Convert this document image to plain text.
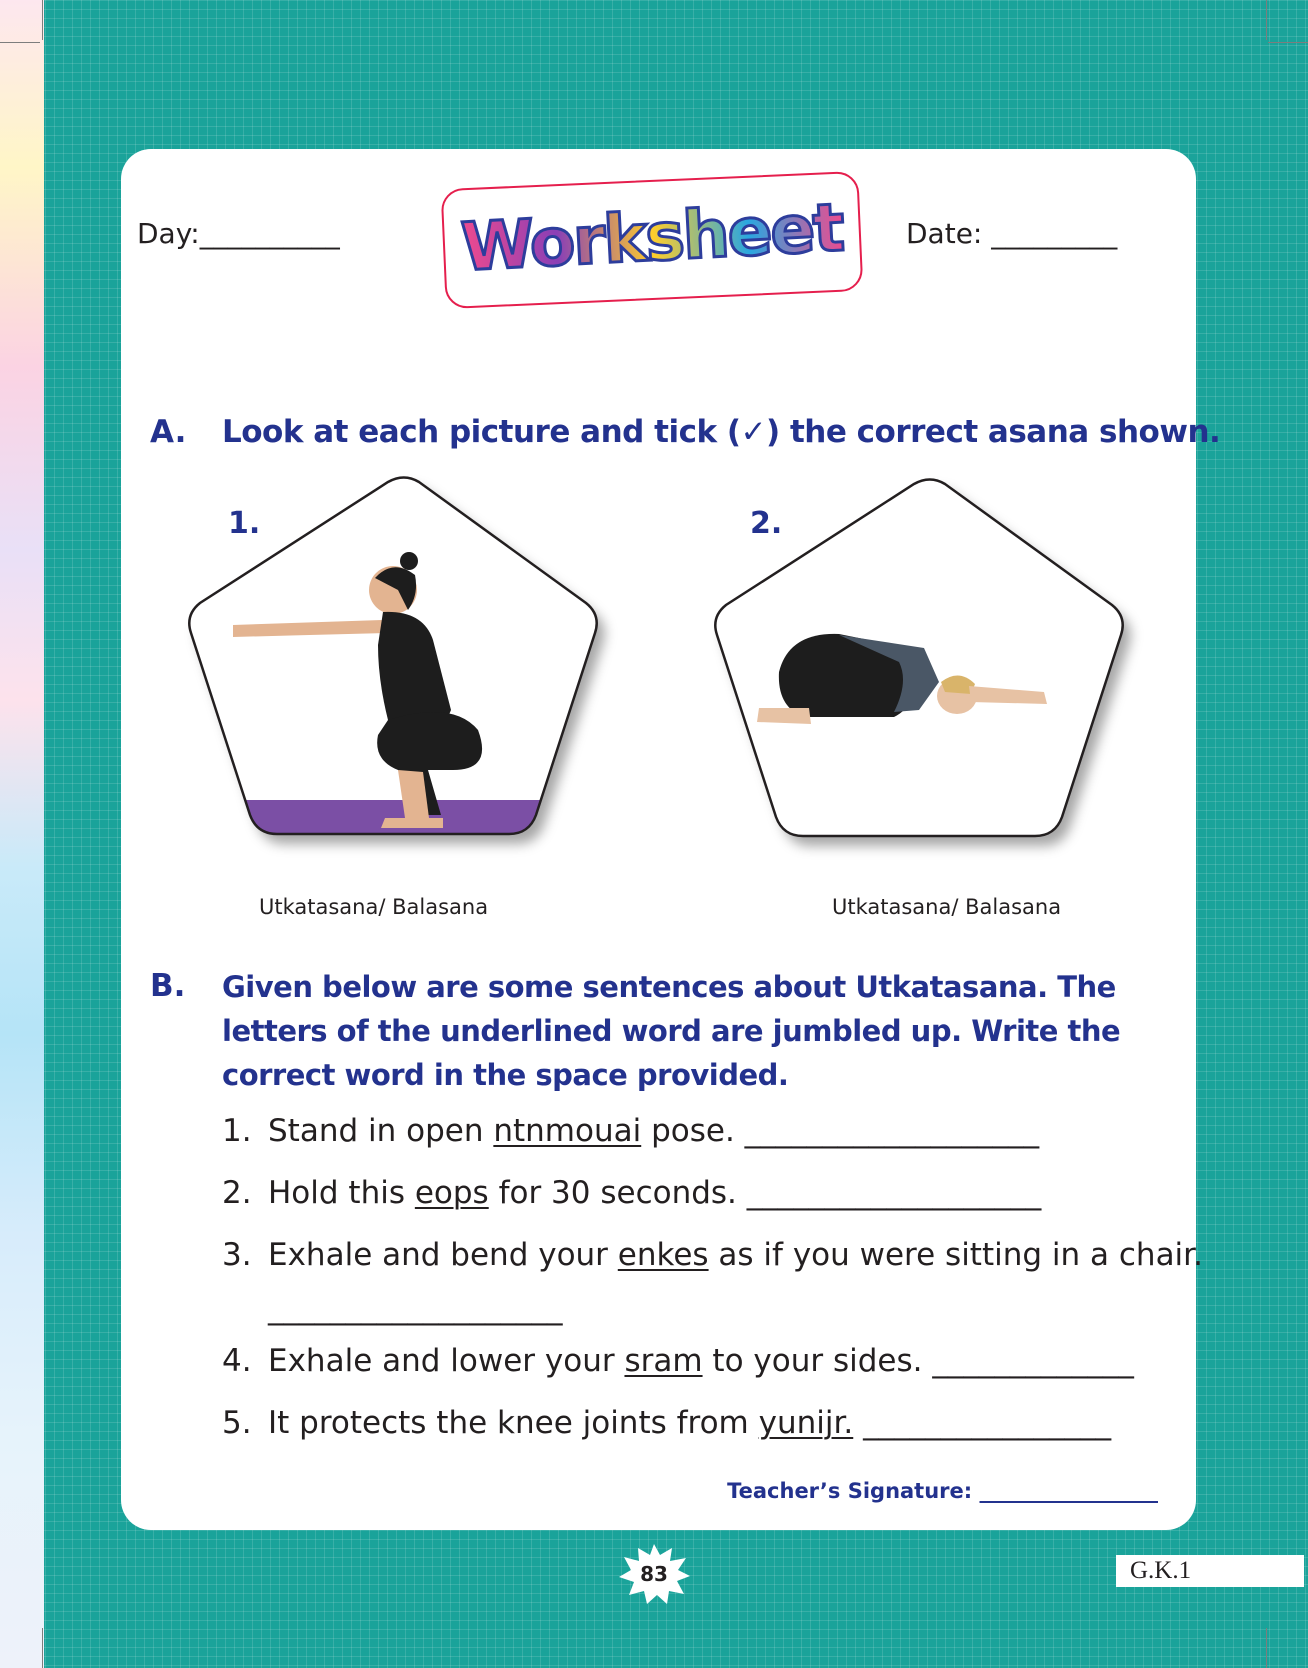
Day:__________ Worksheet Date: _________
A. Look at each picture and tick (✓) the correct asana shown.
1.
Utkatasana/ Balasana
2.
Utkatasana/ Balasana
B. Given below are some sentences about Utkatasana. The letters of the underlined word are jumbled up. Write the correct word in the space provided.
1. Stand in open ntnmouai pose. ___________________
2. Hold this eops for 30 seconds. ___________________
3. Exhale and bend your enkes as if you were sitting in a chair.
___________________
4. Exhale and lower your sram to your sides. _____________
5. It protects the knee joints from yunijr. ________________
Teacher’s Signature: _________________
83	G.K.1
